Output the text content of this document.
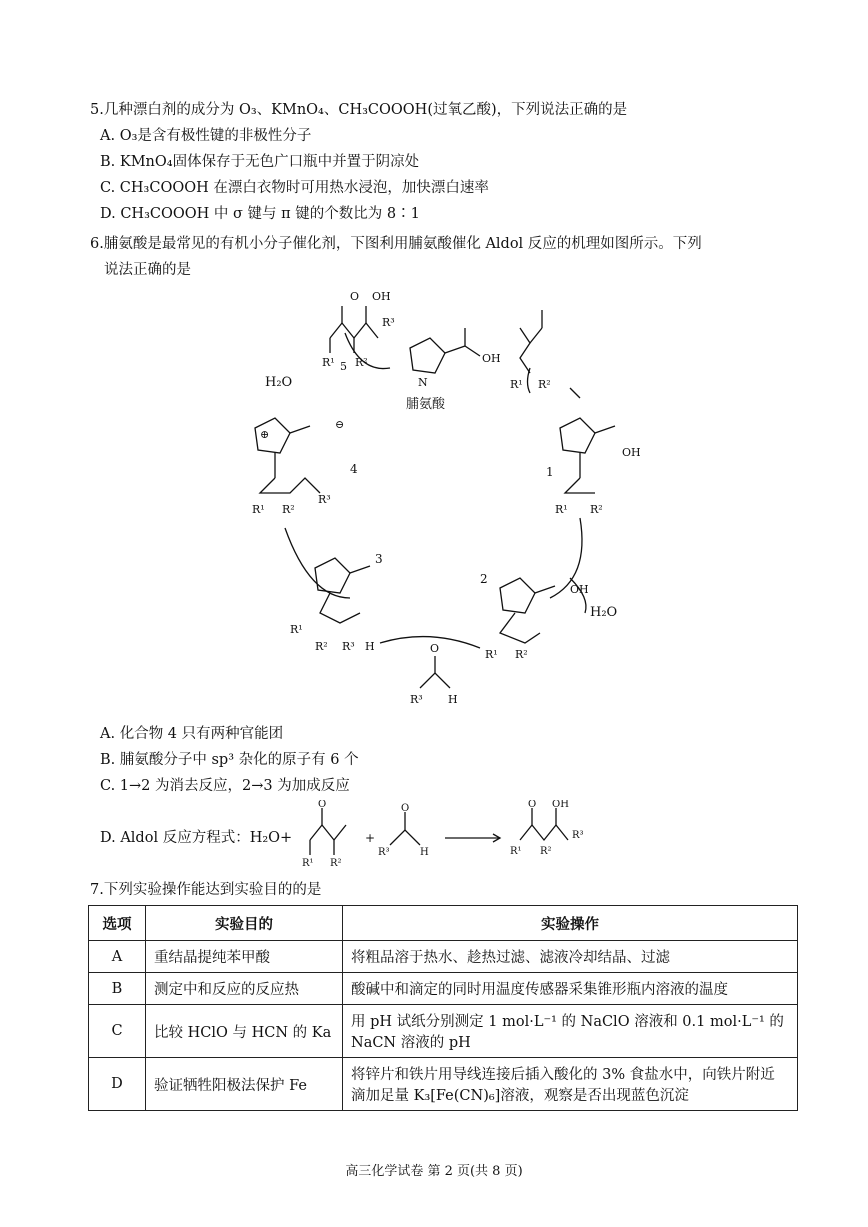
5.几种漂白剂的成分为 O₃、KMnO₄、CH₃COOOH(过氧乙酸)，下列说法正确的是
A. O₃是含有极性键的非极性分子
B. KMnO₄固体保存于无色广口瓶中并置于阴凉处
C. CH₃COOOH 在漂白衣物时可用热水浸泡，加快漂白速率
D. CH₃COOOH 中 σ 键与 π 键的个数比为 8∶1
6.脯氨酸是最常见的有机小分子催化剂，下图利用脯氨酸催化 Aldol 反应的机理如图所示。下列
说法正确的是
O OH
R¹ 5 R²
R³
N
脯氨酸
OH
R¹ R²
H₂O
⊕
⊖
4
R¹ R²
R³
1
OH
R¹ R²
3
R¹
R² R³ H
2
OH
H₂O
R¹ R²
R³ H
O
A. 化合物 4 只有两种官能团
B. 脯氨酸分子中 sp³ 杂化的原子有 6 个
C. 1→2 为消去反应，2→3 为加成反应
D. Aldol 反应方程式：H₂O+
O
R¹ R²
+
O
R³	H
O OH
R¹ R²
R³
7.下列实验操作能达到实验目的的是
选项	实验目的	实验操作
A	重结晶提纯苯甲酸	将粗品溶于热水、趁热过滤、滤液冷却结晶、过滤
B	测定中和反应的反应热	酸碱中和滴定的同时用温度传感器采集锥形瓶内溶液的温度
C	比较 HClO 与 HCN 的 Ka	用 pH 试纸分别测定 1 mol·L⁻¹ 的 NaClO 溶液和 0.1 mol·L⁻¹ 的 NaCN 溶液的 pH
D	验证牺牲阳极法保护 Fe	将锌片和铁片用导线连接后插入酸化的 3% 食盐水中，向铁片附近滴加足量 K₃[Fe(CN)₆]溶液，观察是否出现蓝色沉淀
高三化学试卷 第 2 页(共 8 页)
